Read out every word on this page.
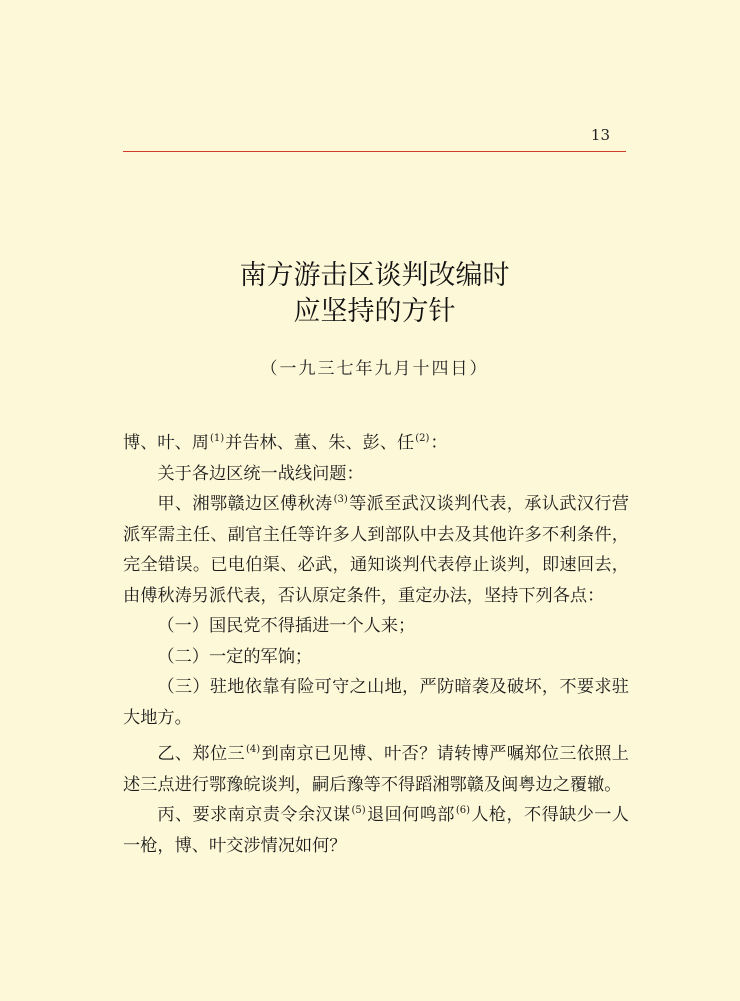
13
南方游击区谈判改编时
应坚持的方针
（一九三七年九月十四日）

博、叶、周$^{(1)}$并告林、董、朱、彭、任$^{(2)}$：

关于各边区统一战线问题：

甲、湘鄂赣边区傅秋涛$^{(3)}$等派至武汉谈判代表，承认武汉行营派军需主任、副官主任等许多人到部队中去及其他许多不利条件，完全错误。已电伯渠、必武，通知谈判代表停止谈判，即速回去，由傅秋涛另派代表，否认原定条件，重定办法，坚持下列各点：

（一）国民党不得插进一个人来；

（二）一定的军饷；

（三）驻地依靠有险可守之山地，严防暗袭及破坏，不要求驻大地方。

乙、郑位三$^{(4)}$到南京已见博、叶否？请转博严嘱郑位三依照上述三点进行鄂豫皖谈判，嗣后豫等不得蹈湘鄂赣及闽粤边之覆辙。

丙、要求南京责令余汉谋$^{(5)}$退回何鸣部$^{(6)}$人枪，不得缺少一人一枪，博、叶交涉情况如何？
